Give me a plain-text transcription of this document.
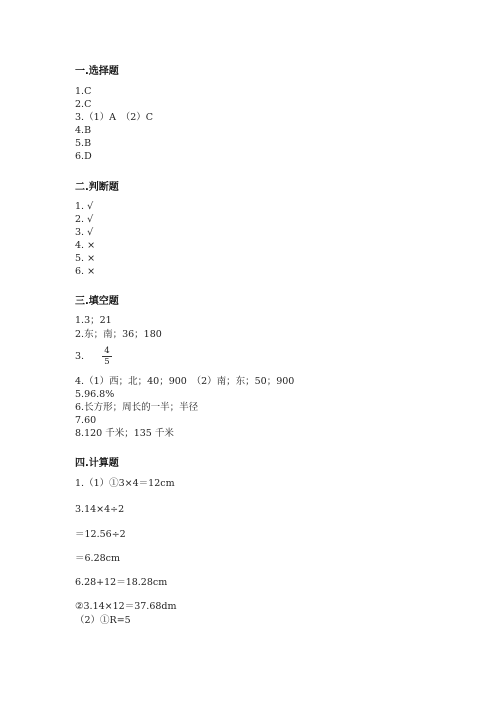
一.选择题
1.C
2.C
3.（1）A　（2）C
4.B
5.B
6.D
二.判断题
1. √
2. √
3. √
4. ×
5. ×
6. ×
三.填空题
1.3；21
2.东；南；36；180
3.	4
5
4.（1）西；北；40；900　（2）南；东；50；900
5.96.8%
6.长方形；周长的一半；半径
7.60
8.120 千米；135 千米
四.计算题
1.（1）①3×4＝12cm
3.14×4÷2
＝12.56÷2
＝6.28cm
6.28+12＝18.28cm
②3.14×12＝37.68dm
（2）①R=5
